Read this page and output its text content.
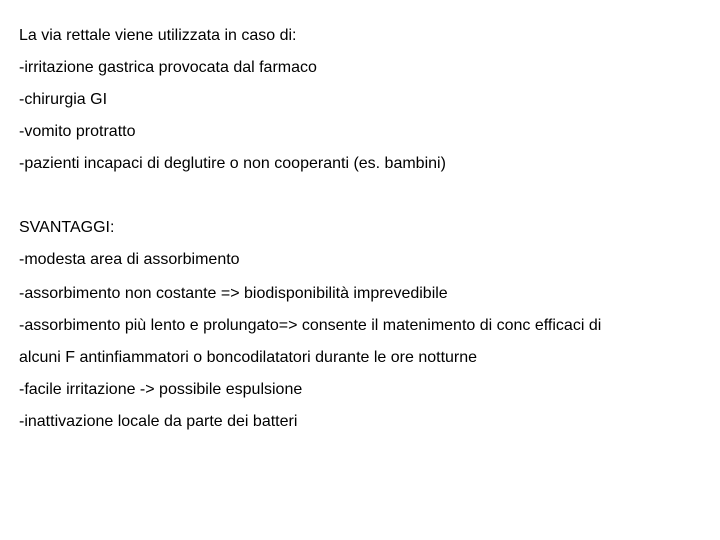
La via rettale viene utilizzata in caso di:
-irritazione gastrica provocata dal farmaco
-chirurgia GI
-vomito protratto
-pazienti incapaci di deglutire o non cooperanti (es. bambini)
SVANTAGGI:
-modesta area di assorbimento
-assorbimento non costante => biodisponibilità imprevedibile
-assorbimento più lento e prolungato=> consente il matenimento di conc efficaci di
alcuni F antinfiammatori o boncodilatatori durante le ore notturne
-facile irritazione -> possibile espulsione
-inattivazione locale da parte dei batteri
